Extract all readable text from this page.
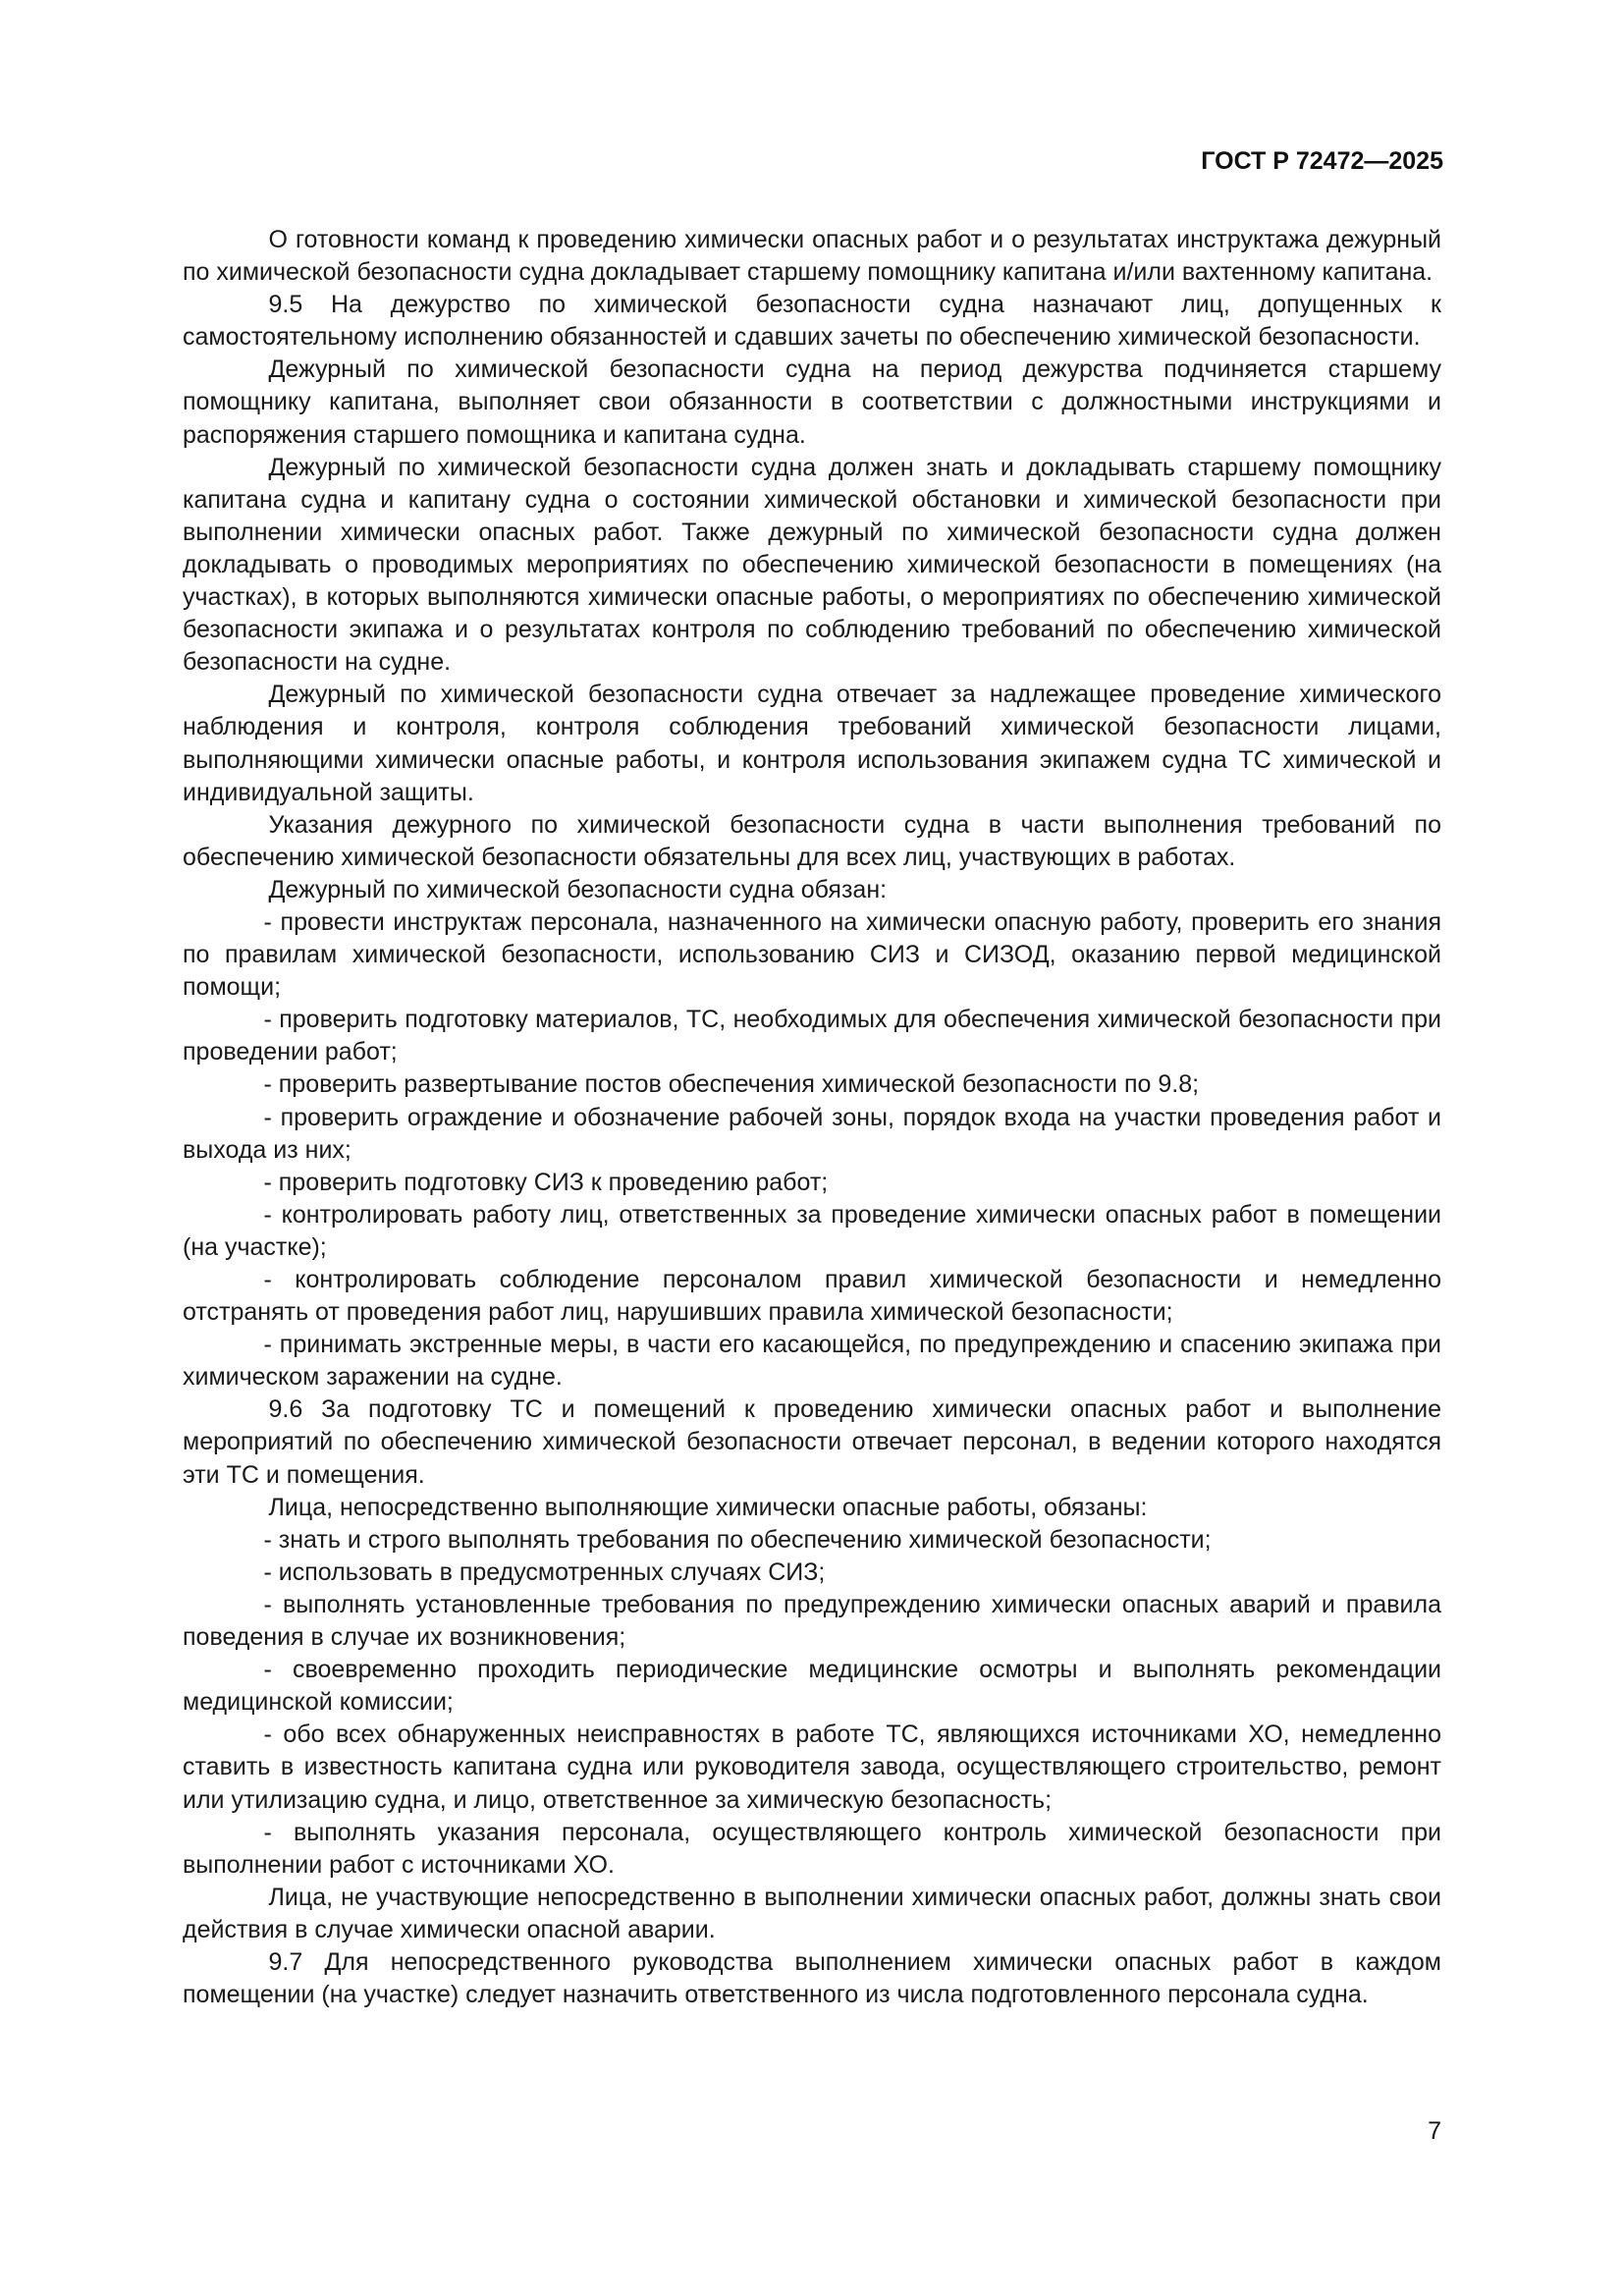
ГОСТ Р 72472—2025

О готовности команд к проведению химически опасных работ и о результатах инструктажа дежурный по химической безопасности судна докладывает старшему помощнику капитана и/или вахтенному капитана.

9.5 На дежурство по химической безопасности судна назначают лиц, допущенных к самостоятельному исполнению обязанностей и сдавших зачеты по обеспечению химической безопасности.

Дежурный по химической безопасности судна на период дежурства подчиняется старшему помощнику капитана, выполняет свои обязанности в соответствии с должностными инструкциями и распоряжения старшего помощника и капитана судна.

Дежурный по химической безопасности судна должен знать и докладывать старшему помощнику капитана судна и капитану судна о состоянии химической обстановки и химической безопасности при выполнении химически опасных работ. Также дежурный по химической безопасности судна должен докладывать о проводимых мероприятиях по обеспечению химической безопасности в помещениях (на участках), в которых выполняются химически опасные работы, о мероприятиях по обеспечению химической безопасности экипажа и о результатах контроля по соблюдению требований по обеспечению химической безопасности на судне.

Дежурный по химической безопасности судна отвечает за надлежащее проведение химического наблюдения и контроля, контроля соблюдения требований химической безопасности лицами, выполняющими химически опасные работы, и контроля использования экипажем судна ТС химической и индивидуальной защиты.

Указания дежурного по химической безопасности судна в части выполнения требований по обеспечению химической безопасности обязательны для всех лиц, участвующих в работах.

Дежурный по химической безопасности судна обязан:

- провести инструктаж персонала, назначенного на химически опасную работу, проверить его знания по правилам химической безопасности, использованию СИЗ и СИЗОД, оказанию первой медицинской помощи;

- проверить подготовку материалов, ТС, необходимых для обеспечения химической безопасности при проведении работ;

- проверить развертывание постов обеспечения химической безопасности по 9.8;

- проверить ограждение и обозначение рабочей зоны, порядок входа на участки проведения работ и выхода из них;

- проверить подготовку СИЗ к проведению работ;

- контролировать работу лиц, ответственных за проведение химически опасных работ в помещении (на участке);

- контролировать соблюдение персоналом правил химической безопасности и немедленно отстранять от проведения работ лиц, нарушивших правила химической безопасности;

- принимать экстренные меры, в части его касающейся, по предупреждению и спасению экипажа при химическом заражении на судне.

9.6 За подготовку ТС и помещений к проведению химически опасных работ и выполнение мероприятий по обеспечению химической безопасности отвечает персонал, в ведении которого находятся эти ТС и помещения.

Лица, непосредственно выполняющие химически опасные работы, обязаны:

- знать и строго выполнять требования по обеспечению химической безопасности;

- использовать в предусмотренных случаях СИЗ;

- выполнять установленные требования по предупреждению химически опасных аварий и правила поведения в случае их возникновения;

- своевременно проходить периодические медицинские осмотры и выполнять рекомендации медицинской комиссии;

- обо всех обнаруженных неисправностях в работе ТС, являющихся источниками ХО, немедленно ставить в известность капитана судна или руководителя завода, осуществляющего строительство, ремонт или утилизацию судна, и лицо, ответственное за химическую безопасность;

- выполнять указания персонала, осуществляющего контроль химической безопасности при выполнении работ с источниками ХО.

Лица, не участвующие непосредственно в выполнении химически опасных работ, должны знать свои действия в случае химически опасной аварии.

9.7 Для непосредственного руководства выполнением химически опасных работ в каждом помещении (на участке) следует назначить ответственного из числа подготовленного персонала судна.

7
